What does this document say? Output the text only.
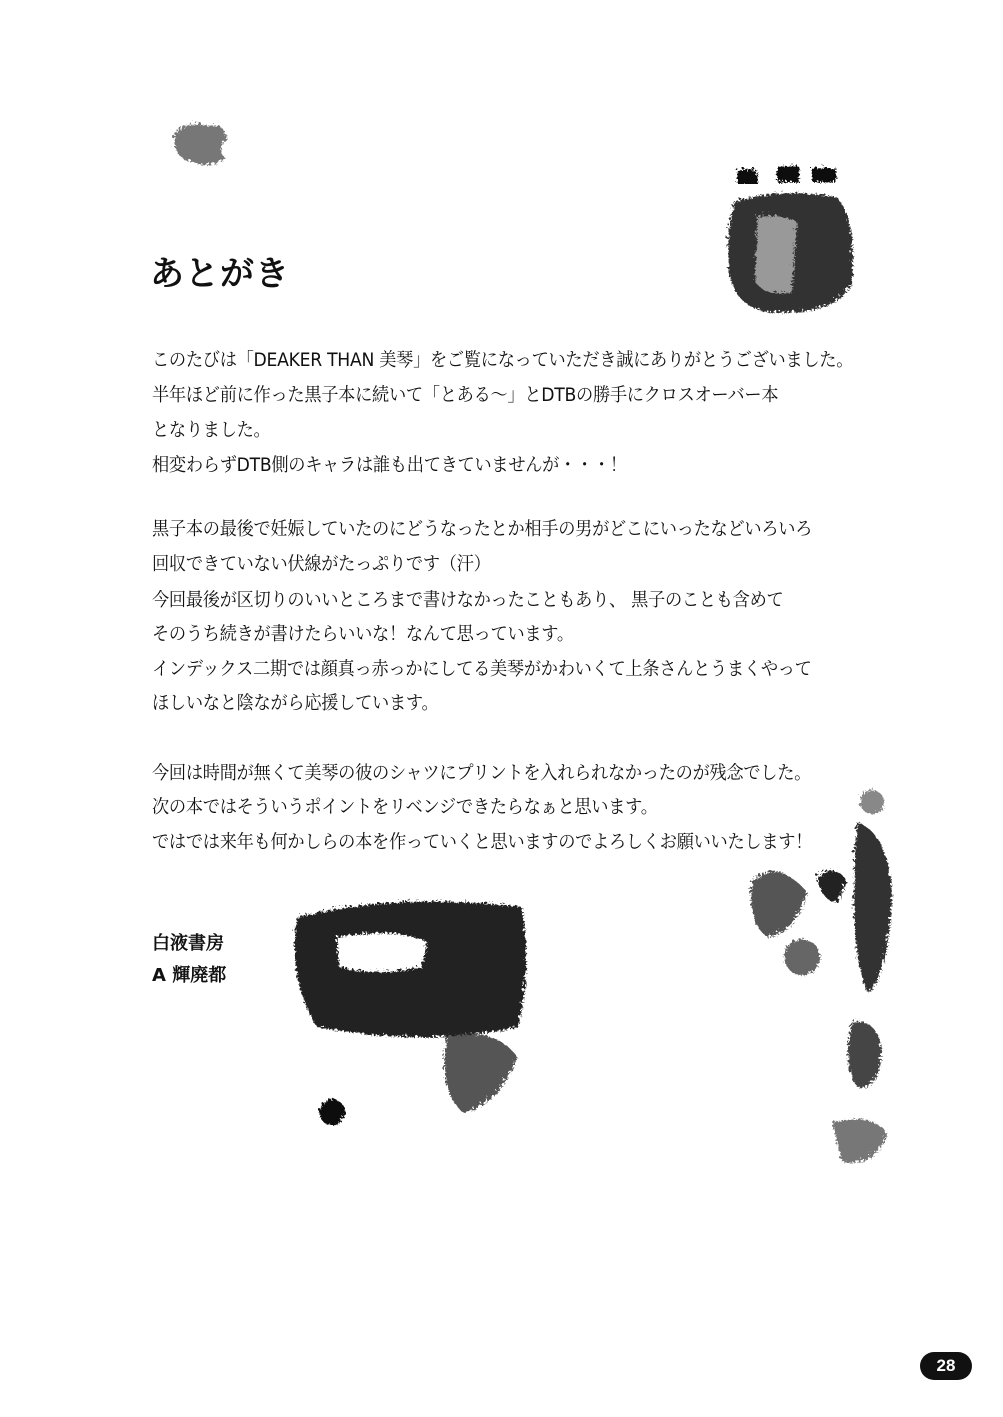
あとがき
このたびは「DEAKER THAN 美琴」をご覧になっていただき誠にありがとうございました。
半年ほど前に作った黒子本に続いて「とある～」とDTBの勝手にクロスオーバー本
となりました。
相変わらずDTB側のキャラは誰も出てきていませんが・・・！
黒子本の最後で妊娠していたのにどうなったとか相手の男がどこにいったなどいろいろ
回収できていない伏線がたっぷりです（汗）
今回最後が区切りのいいところまで書けなかったこともあり、 黒子のことも含めて
そのうち続きが書けたらいいな！なんて思っています。
インデックス二期では顔真っ赤っかにしてる美琴がかわいくて上条さんとうまくやって
ほしいなと陰ながら応援しています。
今回は時間が無くて美琴の彼のシャツにプリントを入れられなかったのが残念でした。
次の本ではそういうポイントをリベンジできたらなぁと思います。
ではでは来年も何かしらの本を作っていくと思いますのでよろしくお願いいたします！
白液書房
A 輝廃都
28
